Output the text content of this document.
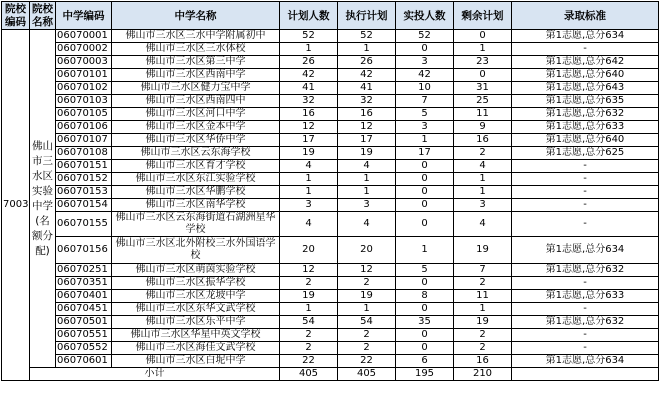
院校编码	院校名称	中学编码	中学名称	计划人数	执行计划	实投人数	剩余计划	录取标准
7003	佛山市三水区实验中学(名额分配)	06070001	佛山市三水区三水中学附属初中	52	52	52	0	第1志愿,总分634
		06070002	佛山市三水区三水体校	1	1	0	1	-
		06070003	佛山市三水区第三中学	26	26	3	23	第1志愿,总分642
		06070101	佛山市三水区西南中学	42	42	42	0	第1志愿,总分640
		06070102	佛山市三水区健力宝中学	41	41	10	31	第1志愿,总分643
		06070103	佛山市三水区西南四中	32	32	7	25	第1志愿,总分635
		06070105	佛山市三水区河口中学	16	16	5	11	第1志愿,总分632
		06070106	佛山市三水区金本中学	12	12	3	9	第1志愿,总分633
		06070107	佛山市三水区华侨中学	17	17	1	16	第1志愿,总分640
		06070108	佛山市三水区云东海学校	19	19	17	2	第1志愿,总分625
		06070151	佛山市三水区育才学校	4	4	0	4	-
		06070152	佛山市三水区东江实验学校	1	1	0	1	-
		06070153	佛山市三水区华鹏学校	1	1	0	1	-
		06070154	佛山市三水区南华学校	3	3	0	3	-
		06070155	佛山市三水区云东海街道石湖洲星华学校	4	4	0	4	-
		06070156	佛山市三水区北外附校三水外国语学校	20	20	1	19	第1志愿,总分634
		06070251	佛山市三水区萌茵实验学校	12	12	5	7	第1志愿,总分632
		06070351	佛山市三水区振华学校	2	2	0	2	-
		06070401	佛山市三水区龙坡中学	19	19	8	11	第1志愿,总分633
		06070451	佛山市三水区东华文武学校	1	1	0	1	-
		06070501	佛山市三水区乐平中学	54	54	35	19	第1志愿,总分632
		06070551	佛山市三水区华星中英文学校	2	2	0	2	-
		06070552	佛山市三水区海佳文武学校	2	2	0	2	-
		06070601	佛山市三水区白坭中学	22	22	6	16	第1志愿,总分634
	小计			405	405	195	210	
